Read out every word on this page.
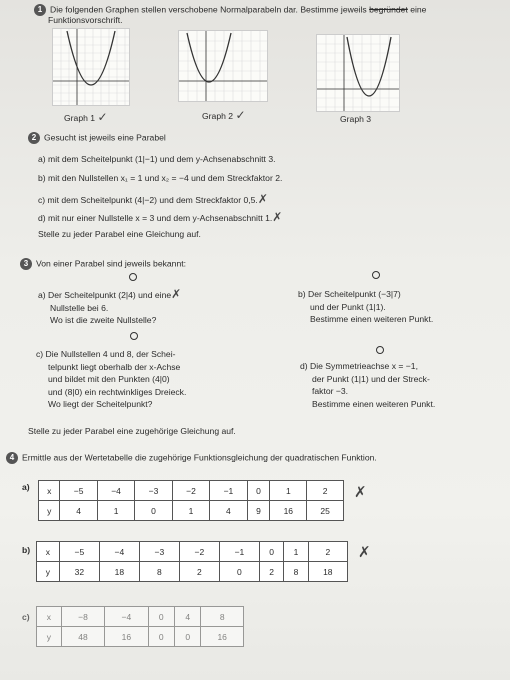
1 Die folgenden Graphen stellen verschobene Normalparabeln dar. Bestimme jeweils begründet eine
Funktionsvorschrift.
Graph 1 ✓	Graph 2 ✓	Graph 3
2 Gesucht ist jeweils eine Parabel
a) mit dem Scheitelpunkt (1|−1) und dem y-Achsenabschnitt 3.
b) mit den Nullstellen x₁ = 1 und x₂ = −4 und dem Streckfaktor 2.
c) mit dem Scheitelpunkt (4|−2) und dem Streckfaktor 0,5.✗
d) mit nur einer Nullstelle x = 3 und dem y-Achsenabschnitt 1.✗
Stelle zu jeder Parabel eine Gleichung auf.
3 Von einer Parabel sind jeweils bekannt:
a) Der Scheitelpunkt (2|4) und eine✗
Nullstelle bei 6.
Wo ist die zweite Nullstelle?
b) Der Scheitelpunkt (−3|7)
und der Punkt (1|1).
Bestimme einen weiteren Punkt.
c) Die Nullstellen 4 und 8, der Schei-
telpunkt liegt oberhalb der x-Achse
und bildet mit den Punkten (4|0)
und (8|0) ein rechtwinkliges Dreieck.
Wo liegt der Scheitelpunkt?
d) Die Symmetrieachse x = −1,
der Punkt (1|1) und der Streck-
faktor −3.
Bestimme einen weiteren Punkt.
Stelle zu jeder Parabel eine zugehörige Gleichung auf.
4 Ermittle aus der Wertetabelle die zugehörige Funktionsgleichung der quadratischen Funktion.
a) x	−5	−4	−3	−2	−1	0	1	2
y	4	1	0	1	4	9	16	25
✗
b) x	−5	−4	−3	−2	−1	0	1	2
y	32	18	8	2	0	2	8	18
✗
c) x	−8	−4	0	4	8
y	48	16	0	0	16
